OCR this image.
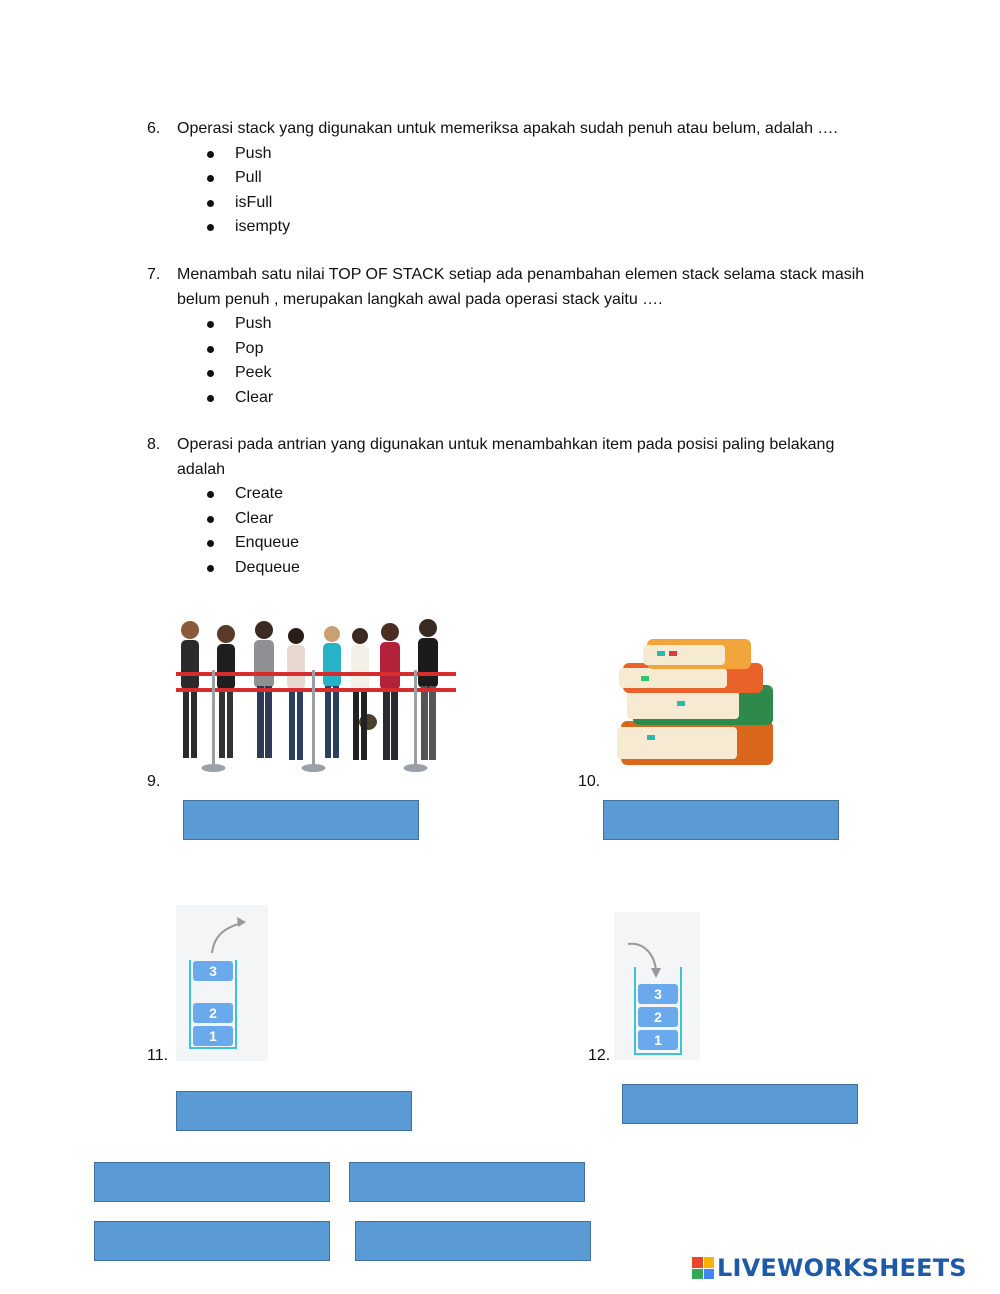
6. Operasi stack yang digunakan untuk memeriksa apakah sudah penuh atau belum, adalah ….
Push
Pull
isFull
isempty
7. Menambah satu nilai TOP OF STACK setiap ada penambahan elemen stack selama stack masih belum penuh , merupakan langkah awal pada operasi stack yaitu ….
Push
Pop
Peek
Clear
8. Operasi pada antrian yang digunakan untuk menambahkan item pada posisi paling belakang adalah
Create
Clear
Enqueue
Dequeue
9.	10.
3
2
1
11.
3
2
1
12.
LIVEWORKSHEETS
